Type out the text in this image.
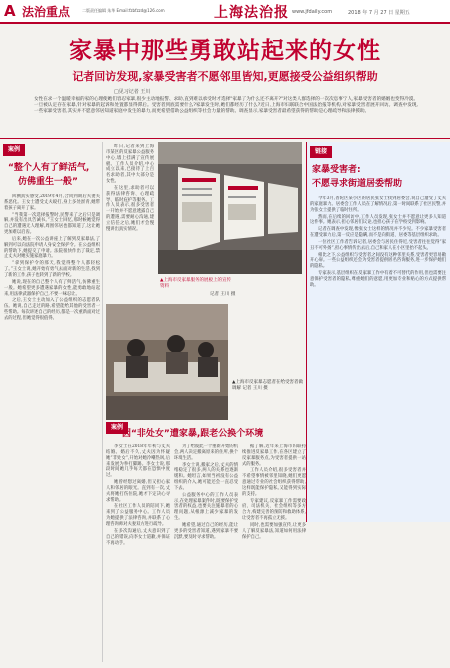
A 法治重点	二版责任编辑 朱华 Email:fzbfzzd@126.com	上海法治报 www.jfdaily.com	2018 年 7 月 27 日 星期五
家暴中那些勇敢站起来的女性
记者回访发现,家暴受害者不愿邻里皆知,更愿接受公益组织帮助
□见习记者 王川
女性在求一个温暖幸福的家的心理使她们容忍家暴,很少主动地报警、求助,直到难以承受时才选择"家暴了为什么还不离开?"对这类人群选择的一次次息事宁人,家暴受害者的婚姻也变得冷漠。一旦被认定存在家暴,针对家暴的起诉和处置都显得滞后。受害者到底需要什么?家暴发生时,她们都经历了什么?近日,上海市妇联联合中国法治报等机构,对家暴受害者展开回访。调查中发现,一些家暴受害者,其实并不愿意邻居知道家庭中发生的暴力,而更希望借助公益组织等社会力量的帮助。调查显示,家暴受害者最希望获得的帮助是心理疏导和法律援助。
案例
“整个人有了鲜活气,
仿佛重生一般”

回溯真实感受,2019年4月,合同到期后夫妻关系恶化。王女士遭受丈夫殴打,身上多处淤青,她带着孩子离开了家。

“当我第一次选择报警时,民警来了之后只是调解,并没有出具告诫书。”王女士回忆,那时候她觉得自己的遭遇无人理解,周围邻居也都知道了,这让她更加难以启齿。

后来,她在一次公益讲座上了解到反家暴法,了解到可以向法院申请人身安全保护令。在公益组织的帮助下,她提交了申请。法院很快作出了裁定,禁止丈夫对她实施家庭暴力。

“拿到保护令的那天,我觉得整个人都轻松了。”王女士说,她开始有勇气去面对新的生活,找到了新的工作,孩子也转到了新的学校。

她说,现在的自己整个人有了鲜活气,仿佛重生一般。她希望更多遭遇家暴的女性,能勇敢地站起来,用法律武器保护自己,不要一味忍让。

之后,王女士主动加入了公益组织的志愿者队伍。她说,自己走过的路,希望能给其他的受害者一些帮助。每次讲述自己的经历,都是一次重新面对过去的过程,但她觉得很值得。

昨日,记者来到上海市某区的反家暴公益服务中心,墙上挂满了宣传展板。工作人员介绍,中心成立以来,已接待了上百名求助者,其中大部分是女性。

在这里,求助者可以获得法律咨询、心理疏导、临时庇护等服务。工作人员表示,很多受害者一开始并不愿意透露自己的遭遇,需要耐心沟通,建立信任之后,她们才会慢慢讲出真实情况。

▲上海市反家暴服务的展板上的宣传资料
记者 王川 摄
▲上海市反家暴志愿者在给受害者做调解 记者 王川 摄
案例
因“非处女”遭家暴,跟老公换个环境

李女士在2018年年初与丈夫结婚。婚后不久,丈夫因为怀疑她“非处女”,开始对她冷嘲热讽,后来发展为拳打脚踢。李女士说,那段时间她几乎每天都在恐惧中度过。

她曾经想过离婚,但又担心家人和邻居的眼光。直到有一次,丈夫将她打伤住院,她才下定决心寻求帮助。

在社区工作人员的陪同下,她来到了公益服务中心。工作人员为她提供了法律咨询,并联系了心理咨询师对夫妻双方进行疏导。

在多次沟通后,丈夫意识到了自己的错误,向李女士道歉,并保证不再动手。

为了给彼此一个重新开始的机会,两人决定搬离原来的住所,换个环境生活。

李女士说,搬家之后,丈夫的情绪稳定了很多,两人的关系也逐渐缓和。她坦言,如果当初没有公益组织的介入,她可能还会一直忍受下去。

公益服务中心的工作人员表示,在处理家暴案件时,既要保护受害者的权益,也要关注施暴者的心理问题,从根源上减少家暴的发生。

她希望,通过自己的经历,能让更多的受害者知道,遇到家暴不要沉默,要及时寻求帮助。

据了解,近年来上海市妇联持续推进反家暴工作,在各区建立了反家暴服务点,为受害者提供一站式的服务。

工作人员介绍,很多受害者并不希望事情被邻里知晓,她们更愿意通过专业的社会组织获得帮助,这样既能保护隐私,又能得到实际的支持。

专家建议,反家暴工作需要政府、司法机关、社会组织等多方合力,构建完善的预防和救助体系,让受害者不再孤立无援。

同时,也需要加强宣传,让更多人了解反家暴法,知道如何用法律保护自己。

链接
家暴受害者:
不愿寻求街道居委帮助

今年3月,普陀区某小区的居民张女士找到居委会,说自己遭受了丈夫的家庭暴力。居委会工作人员在了解情况后,第一时间联系了社区民警,并为张女士提供了临时住所。

然而,在后续的回访中,工作人员发现,张女士并不愿意让更多人知道这件事。她表示,担心邻居们议论,也担心孩子在学校受到影响。

记者在调查中发现,像张女士这样的情况并不少见。不少家暴受害者在遭受暴力后,第一反应是隐瞒,而不是向街道、居委等基层组织求助。

一位社区工作者告诉记者,居委会与居民住得近,受害者往往觉得“家丑不可外扬”,担心事情传出去后,自己和家人在小区里抬不起头。

相比之下,公益组织与受害者之间没有这种邻里关系,受害者更容易敞开心扉。一些公益组织还会为受害者提供匿名咨询服务,进一步保护她们的隐私。

专家表示,基层组织在反家暴工作中有着不可替代的作用,但也需要注意保护受害者的隐私,尊重她们的意愿,用更加专业和贴心的方式提供帮助。
